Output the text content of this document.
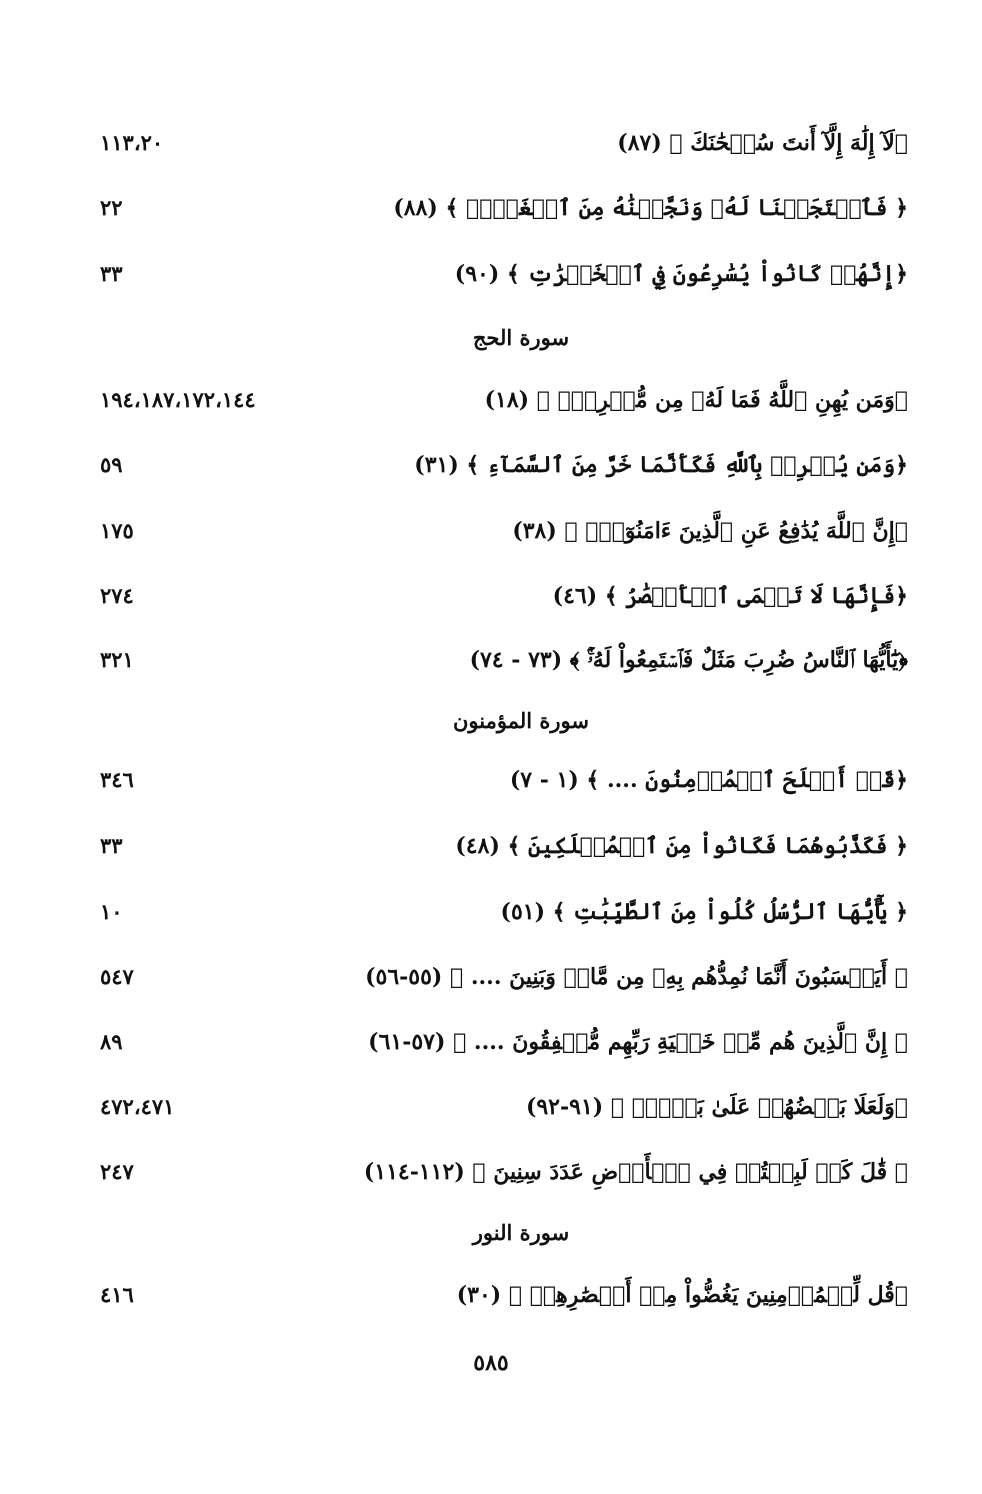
﴿لَآ إِلَٰهَ إِلَّآ أَنتَ سُبۡحَٰنَكَ ﴾ (٨٧)
١١٣،٢٠
﴿ فَٱسۡتَجَبۡنَا لَهُۥ وَنَجَّيۡنَٰهُ مِنَ ٱلۡغَمِّۚ ﴾ (٨٨)
٢٢
﴿إِنَّهُمۡ كَانُواْ يُسَٰرِعُونَ فِي ٱلۡخَيۡرَٰتِ ﴾ (٩٠)
٣٣
سورة الحج
﴿وَمَن يُهِنِ ٱللَّهُ فَمَا لَهُۥ مِن مُّكۡرِمٍۚ ﴾ (١٨)
١٩٤،١٨٧،١٧٢،١٤٤
﴿وَمَن يُشۡرِكۡ بِٱللَّهِ فَكَأَنَّمَا خَرَّ مِنَ ٱلسَّمَآءِ ﴾ (٣١)
٥٩
﴿إِنَّ ٱللَّهَ يُدَٰفِعُ عَنِ ٱلَّذِينَ ءَامَنُوٓاْۗ ﴾ (٣٨)
١٧٥
﴿فَإِنَّهَا لَا تَعۡمَى ٱلۡأَبۡصَٰرُ ﴾ (٤٦)
٢٧٤
﴿يَٰٓأَيُّهَا ٱلنَّاسُ ضُرِبَ مَثَلٌ فَٱسۡتَمِعُواْ لَهُۥٓۚ ﴾ (٧٣ - ٧٤)
٣٢١
سورة المؤمنون
﴿قَدۡ أَفۡلَحَ ٱلۡمُؤۡمِنُونَ .... ﴾ (١ - ٧)
٣٤٦
﴿ فَكَذَّبُوهُمَا فَكَانُواْ مِنَ ٱلۡمُهۡلَكِينَ ﴾ (٤٨)
٣٣
﴿ يَٰٓأَيُّهَا ٱلرُّسُلُ كُلُواْ مِنَ ٱلطَّيِّبَٰتِ ﴾ (٥١)
١٠
﴿ أَيَحۡسَبُونَ أَنَّمَا نُمِدُّهُم بِهِۦ مِن مَّالٖ وَبَنِينَ .... ﴾ (٥٥-٥٦)
٥٤٧
﴿ إِنَّ ٱلَّذِينَ هُم مِّنۡ خَشۡيَةِ رَبِّهِم مُّشۡفِقُونَ .... ﴾ (٥٧-٦١)
٨٩
﴿وَلَعَلَا بَعۡضُهُمۡ عَلَىٰ بَعۡضٖۚ ﴾ (٩١-٩٢)
٤٧٢،٤٧١
﴿ قَٰلَ كَمۡ لَبِثۡتُمۡ فِي ٱلۡأَرۡضِ عَدَدَ سِنِينَ ﴾ (١١٢-١١٤)
٢٤٧
سورة النور
﴿قُل لِّلۡمُؤۡمِنِينَ يَغُضُّواْ مِنۡ أَبۡصَٰرِهِمۡ ﴾ (٣٠)
٤١٦
٥٨٥
